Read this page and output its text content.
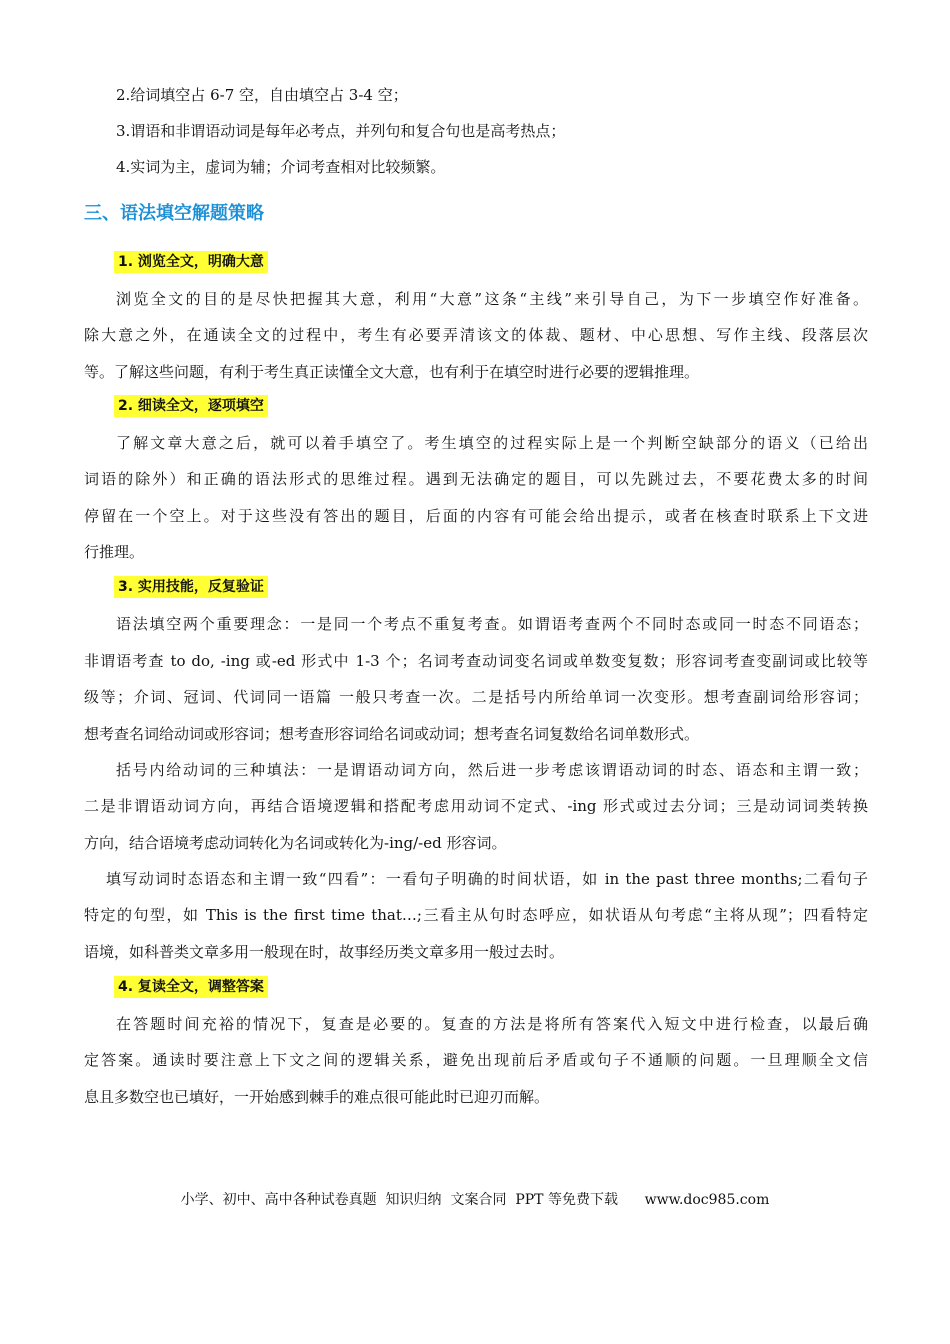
2.给词填空占 6-7 空，自由填空占 3-4 空；
3.谓语和非谓语动词是每年必考点，并列句和复合句也是高考热点；
4.实词为主，虚词为辅；介词考查相对比较频繁。
三、语法填空解题策略
1. 浏览全文，明确大意
浏览全文的目的是尽快把握其大意，利用“大意”这条“主线”来引导自己，为下一步填空作好准备。
除大意之外，在通读全文的过程中，考生有必要弄清该文的体裁、题材、中心思想、写作主线、段落层次
等。了解这些问题，有利于考生真正读懂全文大意，也有利于在填空时进行必要的逻辑推理。
2. 细读全文，逐项填空
了解文章大意之后，就可以着手填空了。考生填空的过程实际上是一个判断空缺部分的语义（已给出
词语的除外）和正确的语法形式的思维过程。遇到无法确定的题目，可以先跳过去，不要花费太多的时间
停留在一个空上。对于这些没有答出的题目，后面的内容有可能会给出提示，或者在核查时联系上下文进
行推理。
3. 实用技能，反复验证
语法填空两个重要理念：一是同一个考点不重复考查。如谓语考查两个不同时态或同一时态不同语态；
非谓语考查 to do, -ing 或-ed 形式中 1-3 个；名词考查动词变名词或单数变复数；形容词考查变副词或比较等
级等；介词、冠词、代词同一语篇 一般只考查一次。二是括号内所给单词一次变形。想考查副词给形容词；
想考查名词给动词或形容词；想考查形容词给名词或动词；想考查名词复数给名词单数形式。
括号内给动词的三种填法：一是谓语动词方向，然后进一步考虑该谓语动词的时态、语态和主谓一致；
二是非谓语动词方向，再结合语境逻辑和搭配考虑用动词不定式、-ing 形式或过去分词；三是动词词类转换
方向，结合语境考虑动词转化为名词或转化为-ing/-ed 形容词。
填写动词时态语态和主谓一致“四看”：一看句子明确的时间状语，如 in the past three months;二看句子
特定的句型，如 This is the first time that…;三看主从句时态呼应，如状语从句考虑“主将从现”；四看特定
语境，如科普类文章多用一般现在时，故事经历类文章多用一般过去时。
4. 复读全文，调整答案
在答题时间充裕的情况下，复查是必要的。复查的方法是将所有答案代入短文中进行检查，以最后确
定答案。通读时要注意上下文之间的逻辑关系，避免出现前后矛盾或句子不通顺的问题。一旦理顺全文信
息且多数空也已填好，一开始感到棘手的难点很可能此时已迎刃而解。
小学、初中、高中各种试卷真题  知识归纳  文案合同  PPT 等免费下载      www.doc985.com
